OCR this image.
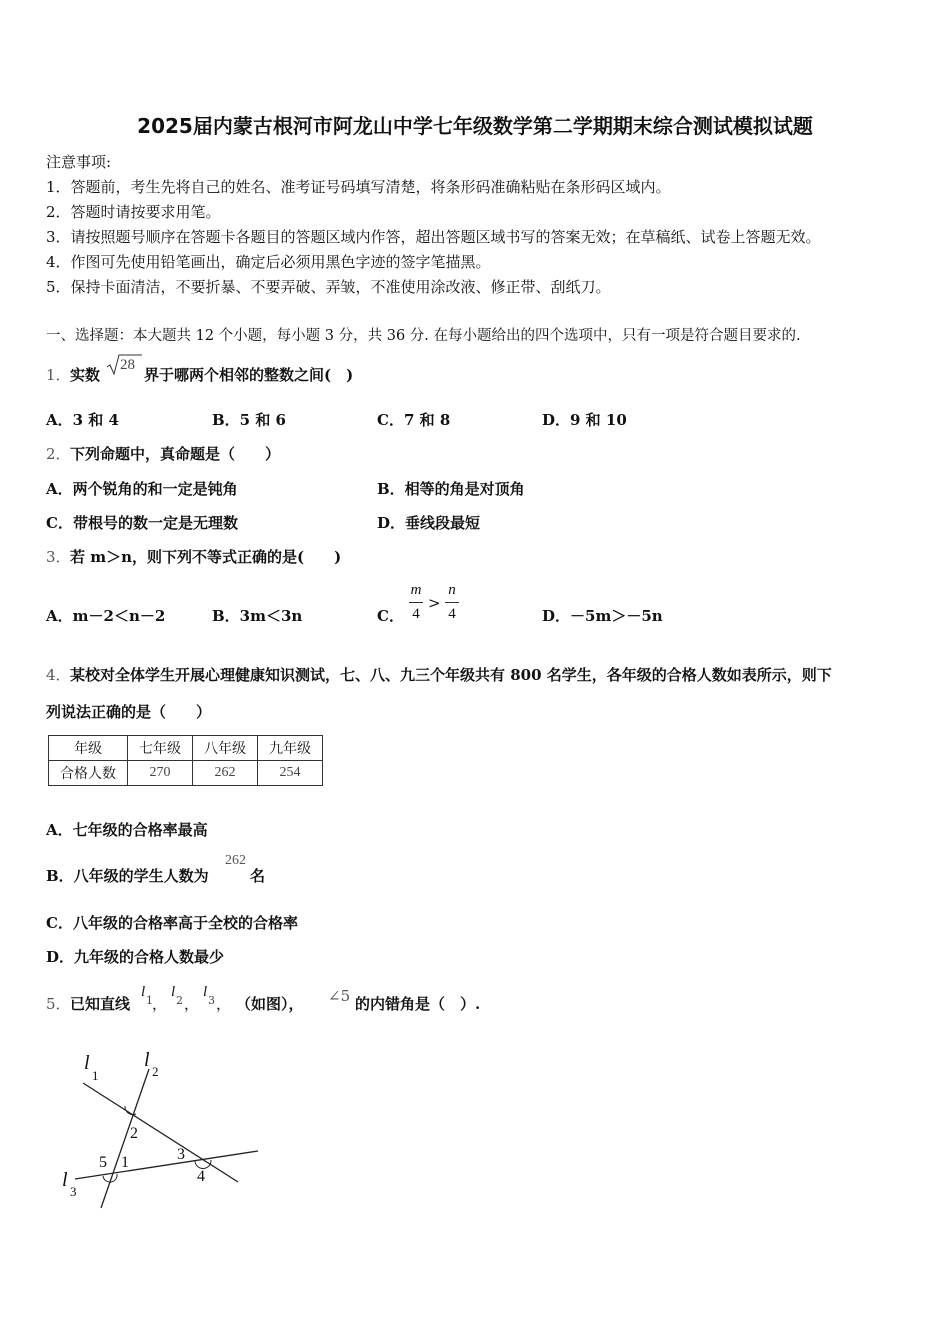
2025届内蒙古根河市阿龙山中学七年级数学第二学期期末综合测试模拟试题
注意事项:
1．答题前，考生先将自己的姓名、准考证号码填写清楚，将条形码准确粘贴在条形码区域内。
2．答题时请按要求用笔。
3．请按照题号顺序在答题卡各题目的答题区域内作答，超出答题区域书写的答案无效；在草稿纸、试卷上答题无效。
4．作图可先使用铅笔画出，确定后必须用黑色字迹的签字笔描黑。
5．保持卡面清洁，不要折暴、不要弄破、弄皱，不准使用涂改液、修正带、刮纸刀。
一、选择题：本大题共 12 个小题，每小题 3 分，共 36 分. 在每小题给出的四个选项中，只有一项是符合题目要求的.
1． 实数
28
界于哪两个相邻的整数之间(　)
A．3 和 4	B．5 和 6	C．7 和 8	D．9 和 10
2． 下列命题中，真命题是（　　）
A．两个锐角的和一定是钝角	B．相等的角是对顶角
C．带根号的数一定是无理数	D．垂线段最短
3． 若 m＞n，则下列不等式正确的是(　　)
A．m－2＜n－2	B．3m＜3n	C．
m
4
>
n
4	D．－5m＞－5n
4． 某校对全体学生开展心理健康知识测试，七、八、九三个年级共有 800 名学生，各年级的合格人数如表所示，则下
列说法正确的是（　　）
年级	七年级	八年级	九年级
合格人数	270	262	254
A．七年级的合格率最高
B．八年级的学生人数为
262
名
C．八年级的合格率高于全校的合格率
D．九年级的合格人数最少
5． 已知直线
l
1 ，
l
2 ，
l
3 ， （如图）， ∠5 的内错角是（　）.
l
1
l
2
l
3
1
2
3
4
5
